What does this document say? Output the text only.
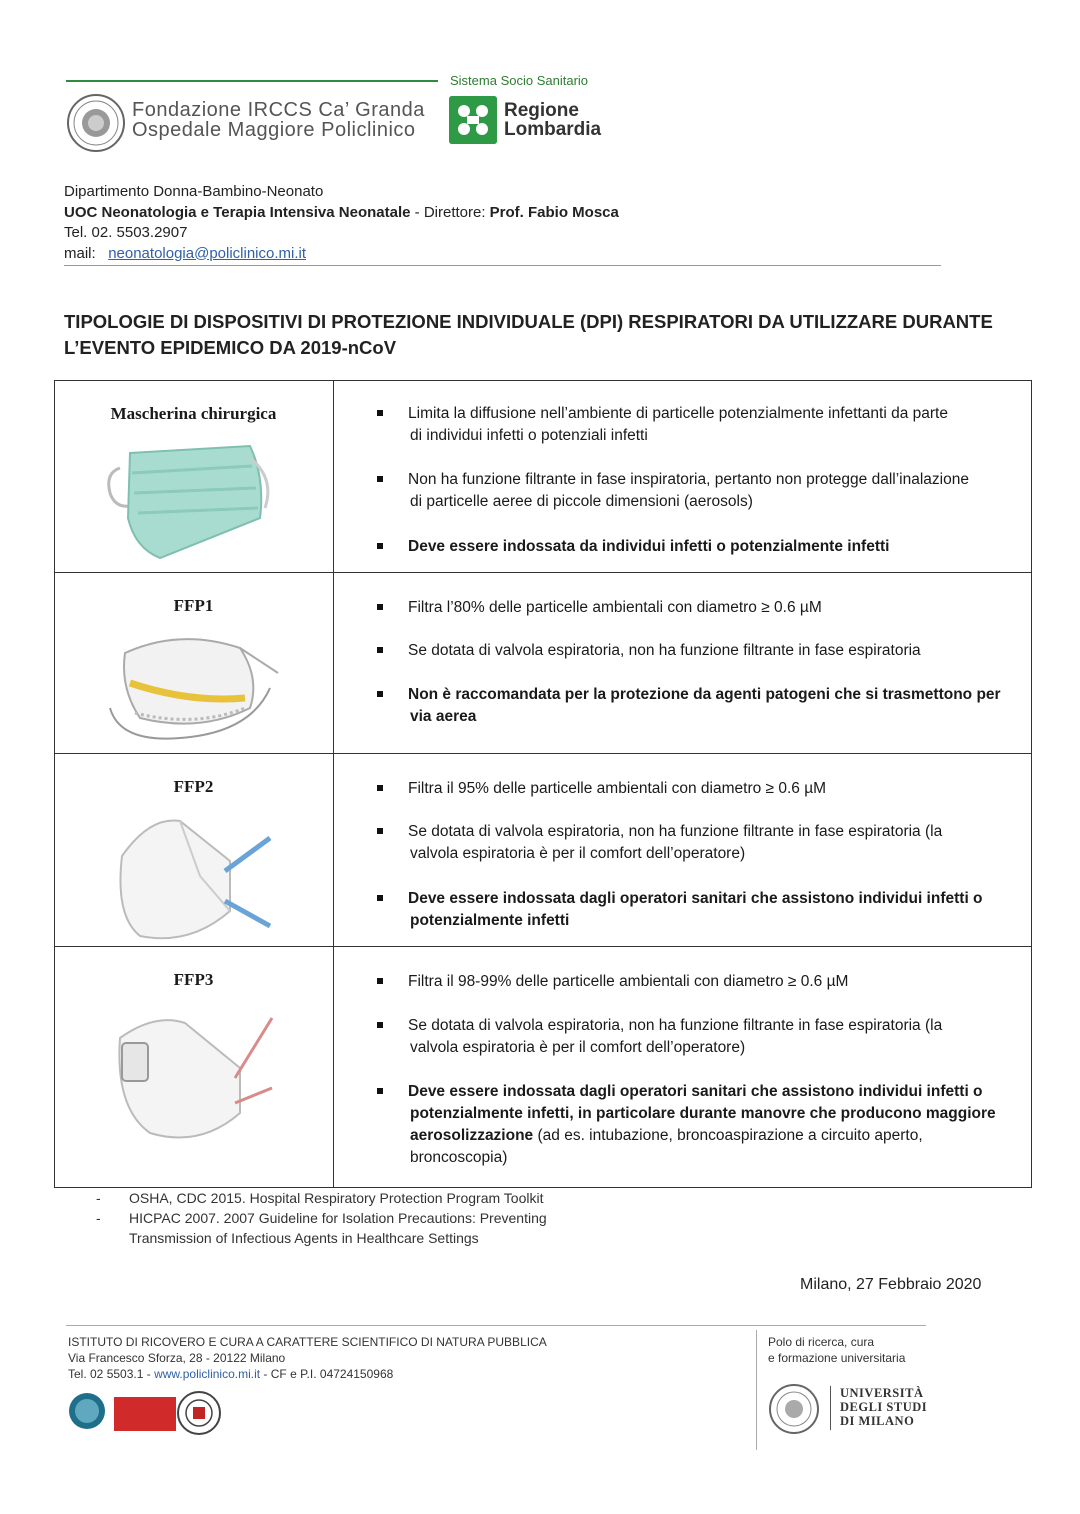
Fondazione IRCCS Ca’ Granda
Ospedale Maggiore Policlinico
Sistema Socio Sanitario
Regione
Lombardia
Dipartimento Donna-Bambino-Neonato
UOC Neonatologia e Terapia Intensiva Neonatale - Direttore: Prof. Fabio Mosca
Tel. 02. 5503.2907
mail: neonatologia@policlinico.mi.it
TIPOLOGIE DI DISPOSITIVI DI PROTEZIONE INDIVIDUALE (DPI) RESPIRATORI DA UTILIZZARE DURANTE
L’EVENTO EPIDEMICO DA 2019-nCoV
Mascherina chirurgica	Limita la diffusione nell’ambiente di particelle potenzialmente infettanti da parte
di individui infetti o potenziali infetti
Non ha funzione filtrante in fase inspiratoria, pertanto non protegge dall’inalazione
di particelle aeree di piccole dimensioni (aerosols)
Deve essere indossata da individui infetti o potenzialmente infetti
FFP1	Filtra l’80% delle particelle ambientali con diametro ≥ 0.6 µM
Se dotata di valvola espiratoria, non ha funzione filtrante in fase espiratoria
Non è raccomandata per la protezione da agenti patogeni che si trasmettono per
via aerea
FFP2	Filtra il 95% delle particelle ambientali con diametro ≥ 0.6 µM
Se dotata di valvola espiratoria, non ha funzione filtrante in fase espiratoria (la
valvola espiratoria è per il comfort dell’operatore)
Deve essere indossata dagli operatori sanitari che assistono individui infetti o
potenzialmente infetti
FFP3	Filtra il 98-99% delle particelle ambientali con diametro ≥ 0.6 µM
Se dotata di valvola espiratoria, non ha funzione filtrante in fase espiratoria (la
valvola espiratoria è per il comfort dell’operatore)
Deve essere indossata dagli operatori sanitari che assistono individui infetti o
potenzialmente infetti, in particolare durante manovre che producono maggiore
aerosolizzazione (ad es. intubazione, broncoaspirazione a circuito aperto,
broncoscopia)
- OSHA, CDC 2015. Hospital Respiratory Protection Program Toolkit
- HICPAC 2007. 2007 Guideline for Isolation Precautions: Preventing
Transmission of Infectious Agents in Healthcare Settings
Milano, 27 Febbraio 2020
ISTITUTO DI RICOVERO E CURA A CARATTERE SCIENTIFICO DI NATURA PUBBLICA
Via Francesco Sforza, 28 - 20122 Milano
Tel. 02 5503.1 - www.policlinico.mi.it - CF e P.I. 04724150968
Polo di ricerca, cura
e formazione universitaria
UNIVERSITÀ
DEGLI STUDI
DI MILANO
